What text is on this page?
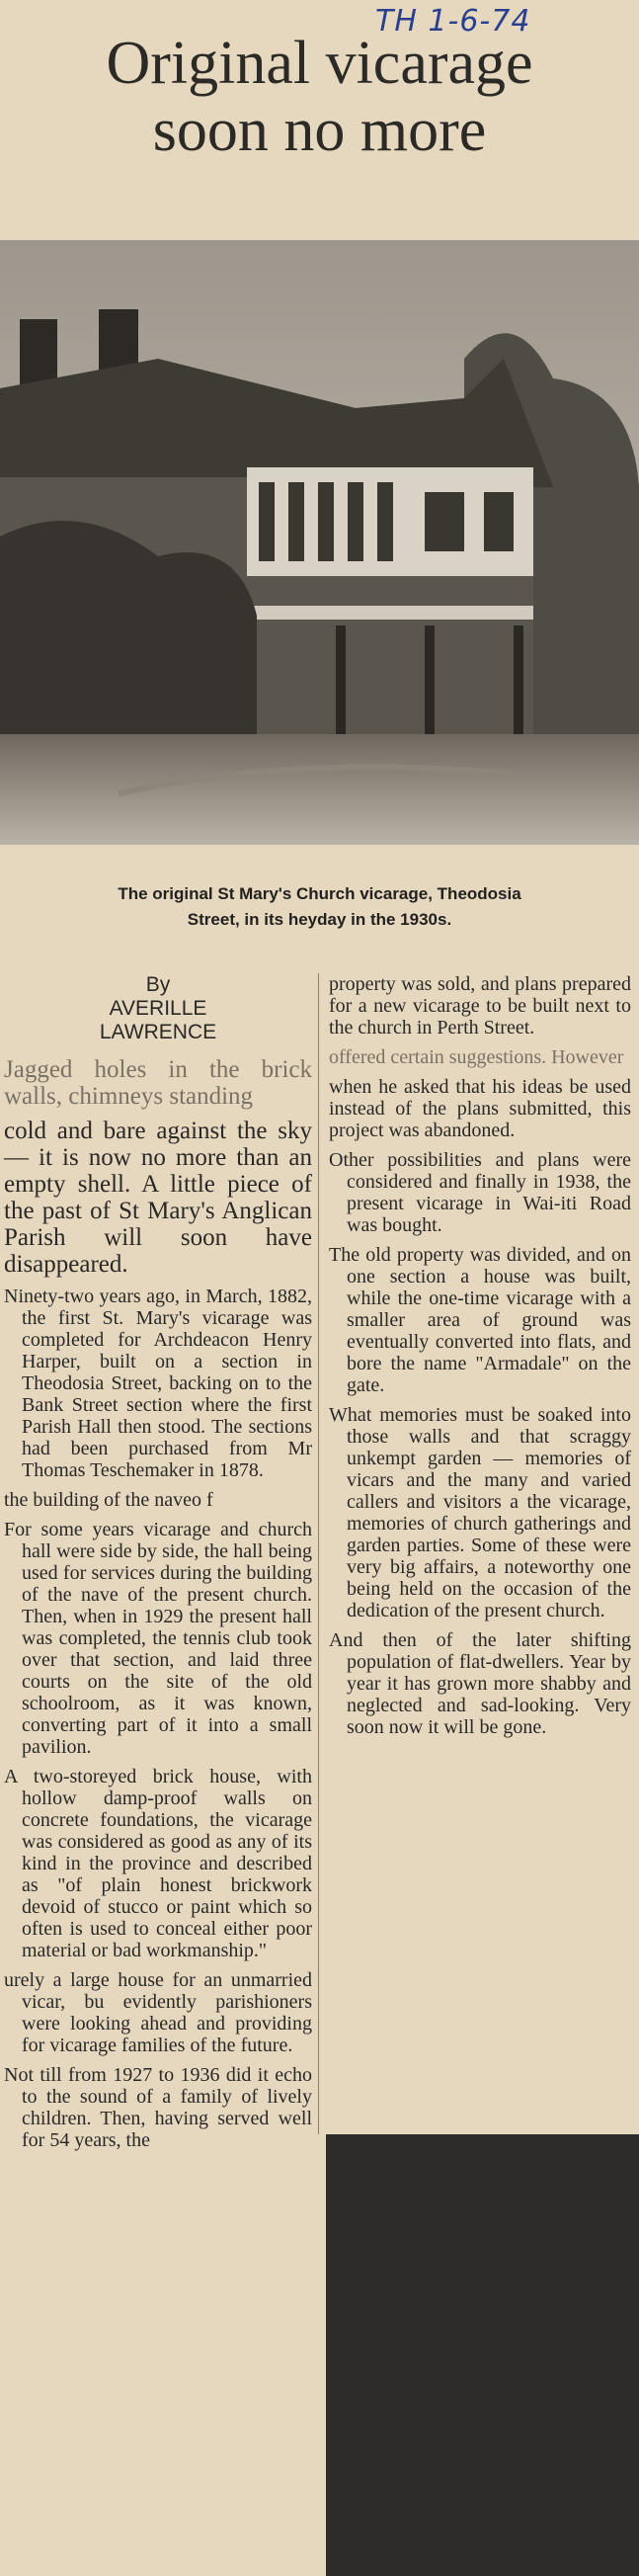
TH 1-6-74
Original vicarage
soon no more
The original St Mary's Church vicarage, Theodosia
Street, in its heyday in the 1930s.
By
AVERILLE
LAWRENCE

Jagged holes in the brick walls, chimneys standing

cold and bare against the sky — it is now no more than an empty shell. A little piece of the past of St Mary's Anglican Parish will soon have disappeared.

Ninety-two years ago, in March, 1882, the first St. Mary's vicarage was completed for Archdeacon Henry Harper, built on a section in Theodosia Street, backing on to the Bank Street section where the first Parish Hall then stood. The sections had been purchased from Mr Thomas Teschemaker in 1878.

the building of the naveo f

For some years vicarage and church hall were side by side, the hall being used for services during the building of the nave of the present church. Then, when in 1929 the present hall was completed, the tennis club took over that section, and laid three courts on the site of the old schoolroom, as it was known, converting part of it into a small pavilion.

A two-storeyed brick house, with hollow damp-proof walls on concrete foundations, the vicarage was considered as good as any of its kind in the province and described as "of plain honest brickwork devoid of stucco or paint which so often is used to conceal either poor material or bad workmanship."

urely a large house for an unmarried vicar, bu evidently parishioners were looking ahead and providing for vicarage families of the future.

Not till from 1927 to 1936 did it echo to the sound of a family of lively children. Then, having served well for 54 years, the

property was sold, and plans prepared for a new vicarage to be built next to the church in Perth Street.

offered certain suggestions. However

when he asked that his ideas be used instead of the plans submitted, this project was abandoned.

Other possibilities and plans were considered and finally in 1938, the present vicarage in Wai-iti Road was bought.

The old property was divided, and on one section a house was built, while the one-time vicarage with a smaller area of ground was eventually converted into flats, and bore the name "Armadale" on the gate.

What memories must be soaked into those walls and that scraggy unkempt garden — memories of vicars and the many and varied callers and visitors a the vicarage, memories of church gatherings and garden parties. Some of these were very big affairs, a noteworthy one being held on the occasion of the dedication of the present church.

And then of the later shifting population of flat-dwellers. Year by year it has grown more shabby and neglected and sad-looking. Very soon now it will be gone.
